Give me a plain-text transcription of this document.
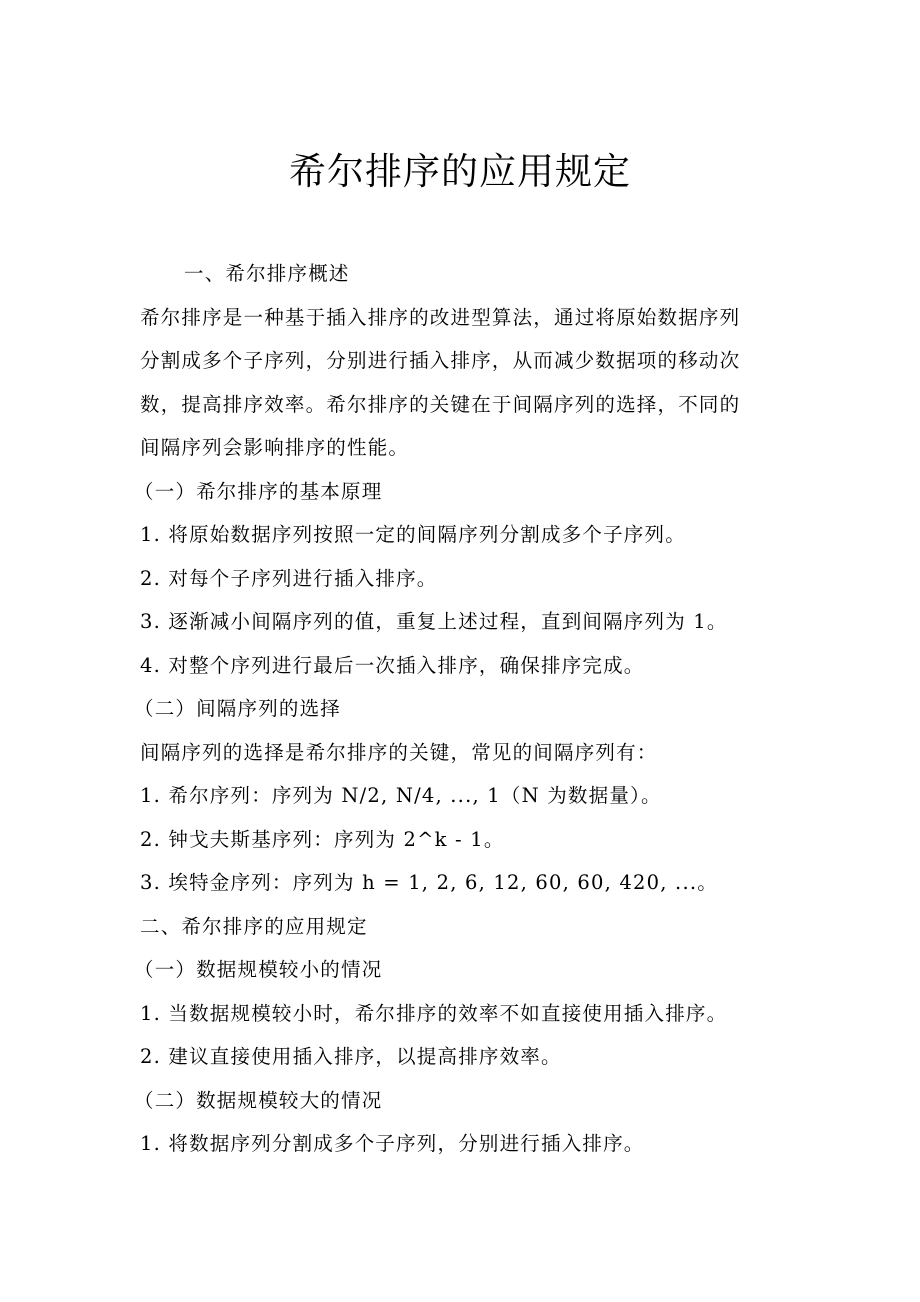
希尔排序的应用规定

一、希尔排序概述

希尔排序是一种基于插入排序的改进型算法，通过将原始数据序列

分割成多个子序列，分别进行插入排序，从而减少数据项的移动次

数，提高排序效率。希尔排序的关键在于间隔序列的选择，不同的

间隔序列会影响排序的性能。

（一）希尔排序的基本原理

1. 将原始数据序列按照一定的间隔序列分割成多个子序列。

2. 对每个子序列进行插入排序。

3. 逐渐减小间隔序列的值，重复上述过程，直到间隔序列为 1。

4. 对整个序列进行最后一次插入排序，确保排序完成。

（二）间隔序列的选择

间隔序列的选择是希尔排序的关键，常见的间隔序列有：

1. 希尔序列：序列为 N/2, N/4, ..., 1（N 为数据量）。

2. 钟戈夫斯基序列：序列为 2^k - 1。

3. 埃特金序列：序列为 h = 1, 2, 6, 12, 60, 60, 420, ...。

二、希尔排序的应用规定

（一）数据规模较小的情况

1. 当数据规模较小时，希尔排序的效率不如直接使用插入排序。

2. 建议直接使用插入排序，以提高排序效率。

（二）数据规模较大的情况

1. 将数据序列分割成多个子序列，分别进行插入排序。
